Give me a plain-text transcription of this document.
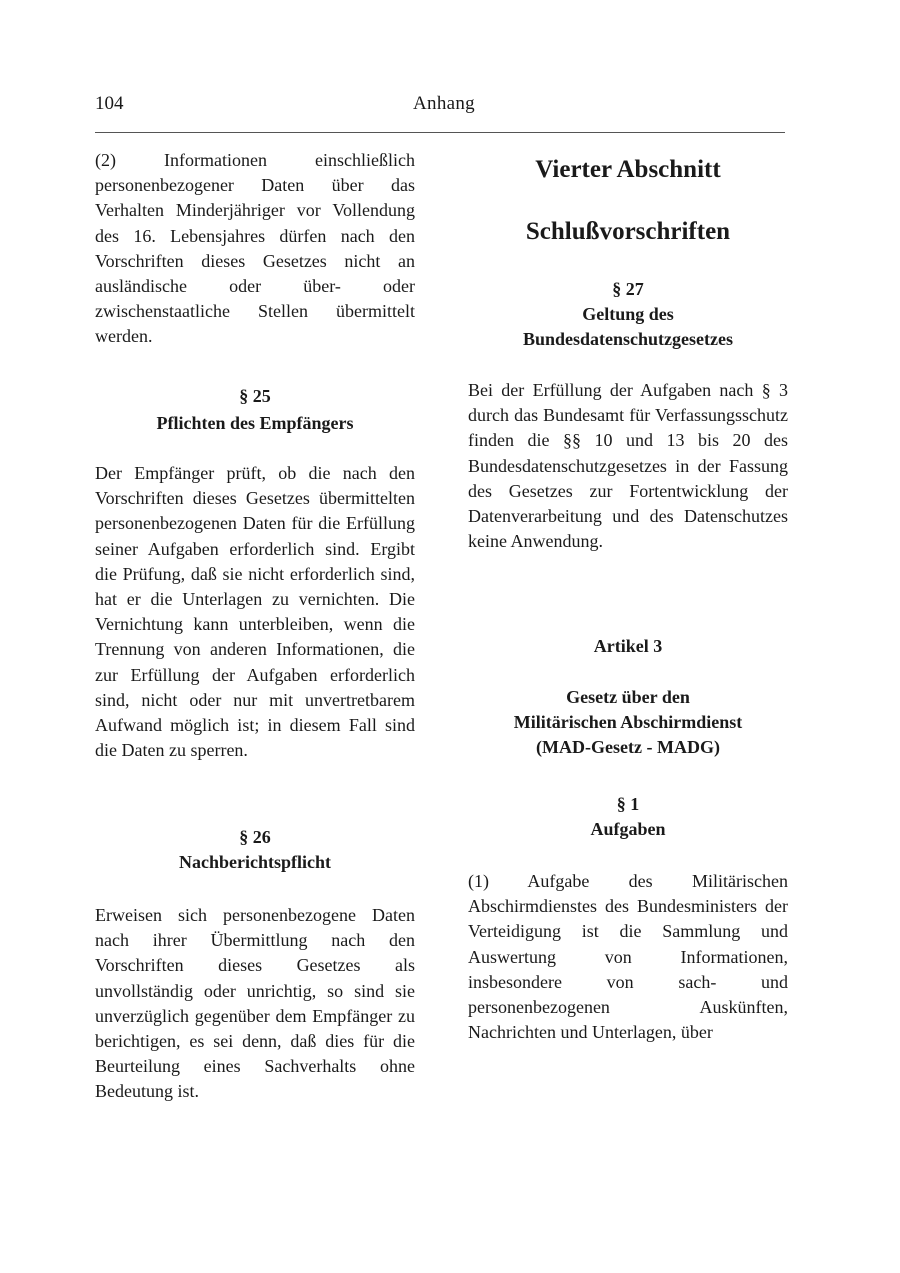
104	Anhang

(2) Informationen einschließlich personenbezogener Daten über das Verhalten Minderjähriger vor Vollendung des 16. Lebensjahres dürfen nach den Vorschriften dieses Gesetzes nicht an ausländische oder über- oder zwischenstaatliche Stellen übermittelt werden.

§ 25
Pflichten des Empfängers

Der Empfänger prüft, ob die nach den Vorschriften dieses Gesetzes übermittelten personenbezogenen Daten für die Erfüllung seiner Aufgaben erforderlich sind. Ergibt die Prüfung, daß sie nicht erforderlich sind, hat er die Unterlagen zu vernichten. Die Vernichtung kann unterbleiben, wenn die Trennung von anderen Informationen, die zur Erfüllung der Aufgaben erforderlich sind, nicht oder nur mit unvertretbarem Aufwand möglich ist; in diesem Fall sind die Daten zu sperren.

§ 26
Nachberichtspflicht

Erweisen sich personenbezogene Daten nach ihrer Übermittlung nach den Vorschriften dieses Gesetzes als unvollständig oder unrichtig, so sind sie unverzüglich gegenüber dem Empfänger zu berichtigen, es sei denn, daß dies für die Beurteilung eines Sachverhalts ohne Bedeutung ist.

Vierter Abschnitt
Schlußvorschriften
§ 27
Geltung des
Bundesdatenschutzgesetzes

Bei der Erfüllung der Aufgaben nach § 3 durch das Bundesamt für Verfassungsschutz finden die §§ 10 und 13 bis 20 des Bundesdatenschutzgesetzes in der Fassung des Gesetzes zur Fortentwicklung der Datenverarbeitung und des Datenschutzes keine Anwendung.

Artikel 3
Gesetz über den
Militärischen Abschirmdienst
(MAD-Gesetz - MADG)
§ 1
Aufgaben

(1) Aufgabe des Militärischen Abschirmdienstes des Bundesministers der Verteidigung ist die Sammlung und Auswertung von Informationen, insbesondere von sach- und personenbezogenen Auskünften, Nachrichten und Unterlagen, über
